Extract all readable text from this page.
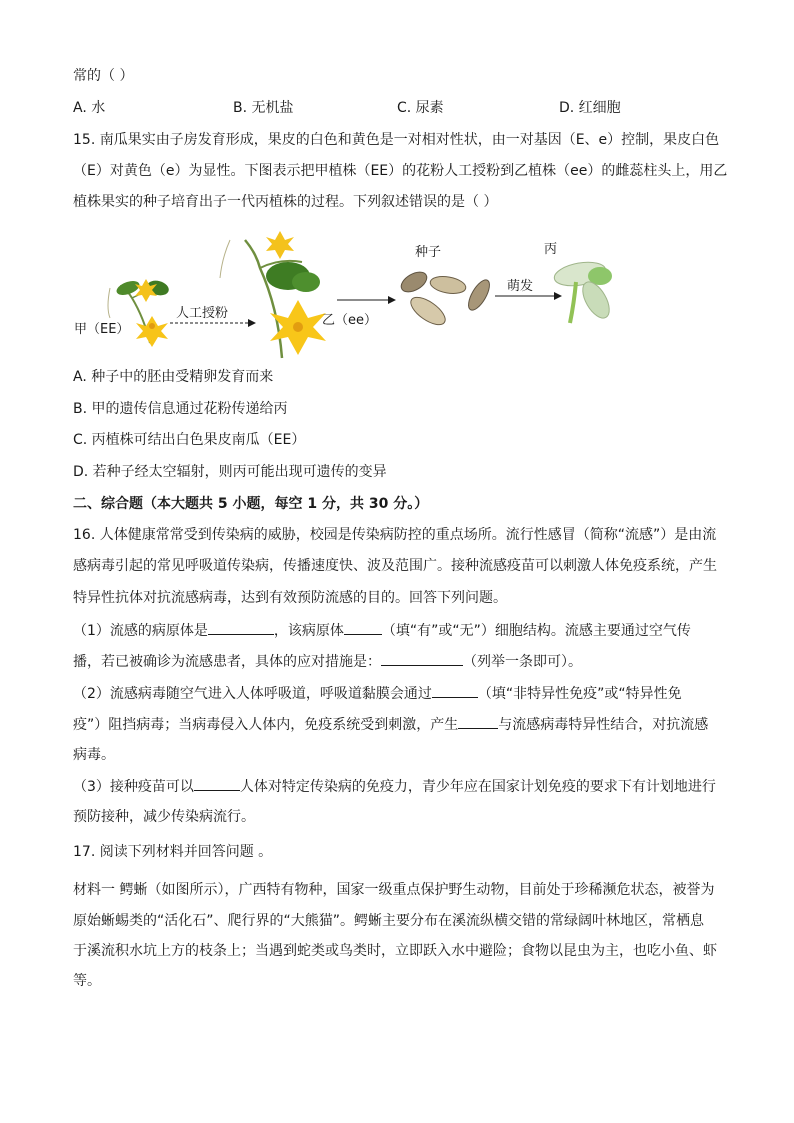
常的（ ）
A. 水	B. 无机盐	C. 尿素	D. 红细胞
15. 南瓜果实由子房发育形成，果皮的白色和黄色是一对相对性状，由一对基因（E、e）控制，果皮白色
（E）对黄色（e）为显性。下图表示把甲植株（EE）的花粉人工授粉到乙植株（ee）的雌蕊柱头上，用乙
植株果实的种子培育出子一代丙植株的过程。下列叙述错误的是（ ）
甲（EE）
人工授粉	乙（ee）
种子
萌发
丙
A. 种子中的胚由受精卵发育而来
B. 甲的遗传信息通过花粉传递给丙
C. 丙植株可结出白色果皮南瓜（EE）
D. 若种子经太空辐射，则丙可能出现可遗传的变异
二、综合题（本大题共 5 小题，每空 1 分，共 30 分。）
16. 人体健康常常受到传染病的威胁，校园是传染病防控的重点场所。流行性感冒（简称“流感”）是由流
感病毒引起的常见呼吸道传染病，传播速度快、波及范围广。接种流感疫苗可以刺激人体免疫系统，产生
特异性抗体对抗流感病毒，达到有效预防流感的目的。回答下列问题。
（1）流感的病原体是	，该病原体	（填“有”或“无”）细胞结构。流感主要通过空气传
播，若已被确诊为流感患者，具体的应对措施是：	（列举一条即可）。
（2）流感病毒随空气进入人体呼吸道，呼吸道黏膜会通过	（填“非特异性免疫”或“特异性免
疫”）阻挡病毒；当病毒侵入人体内，免疫系统受到刺激，产生	与流感病毒特异性结合，对抗流感
病毒。
（3）接种疫苗可以	人体对特定传染病的免疫力，青少年应在国家计划免疫的要求下有计划地进行
预防接种，减少传染病流行。
17. 阅读下列材料并回答问题 。
材料一 鳄蜥（如图所示），广西特有物种，国家一级重点保护野生动物，目前处于珍稀濒危状态，被誉为
原始蜥蜴类的“活化石”、爬行界的“大熊猫”。鳄蜥主要分布在溪流纵横交错的常绿阔叶林地区，常栖息
于溪流积水坑上方的枝条上；当遇到蛇类或鸟类时，立即跃入水中避险；食物以昆虫为主，也吃小鱼、虾
等。
